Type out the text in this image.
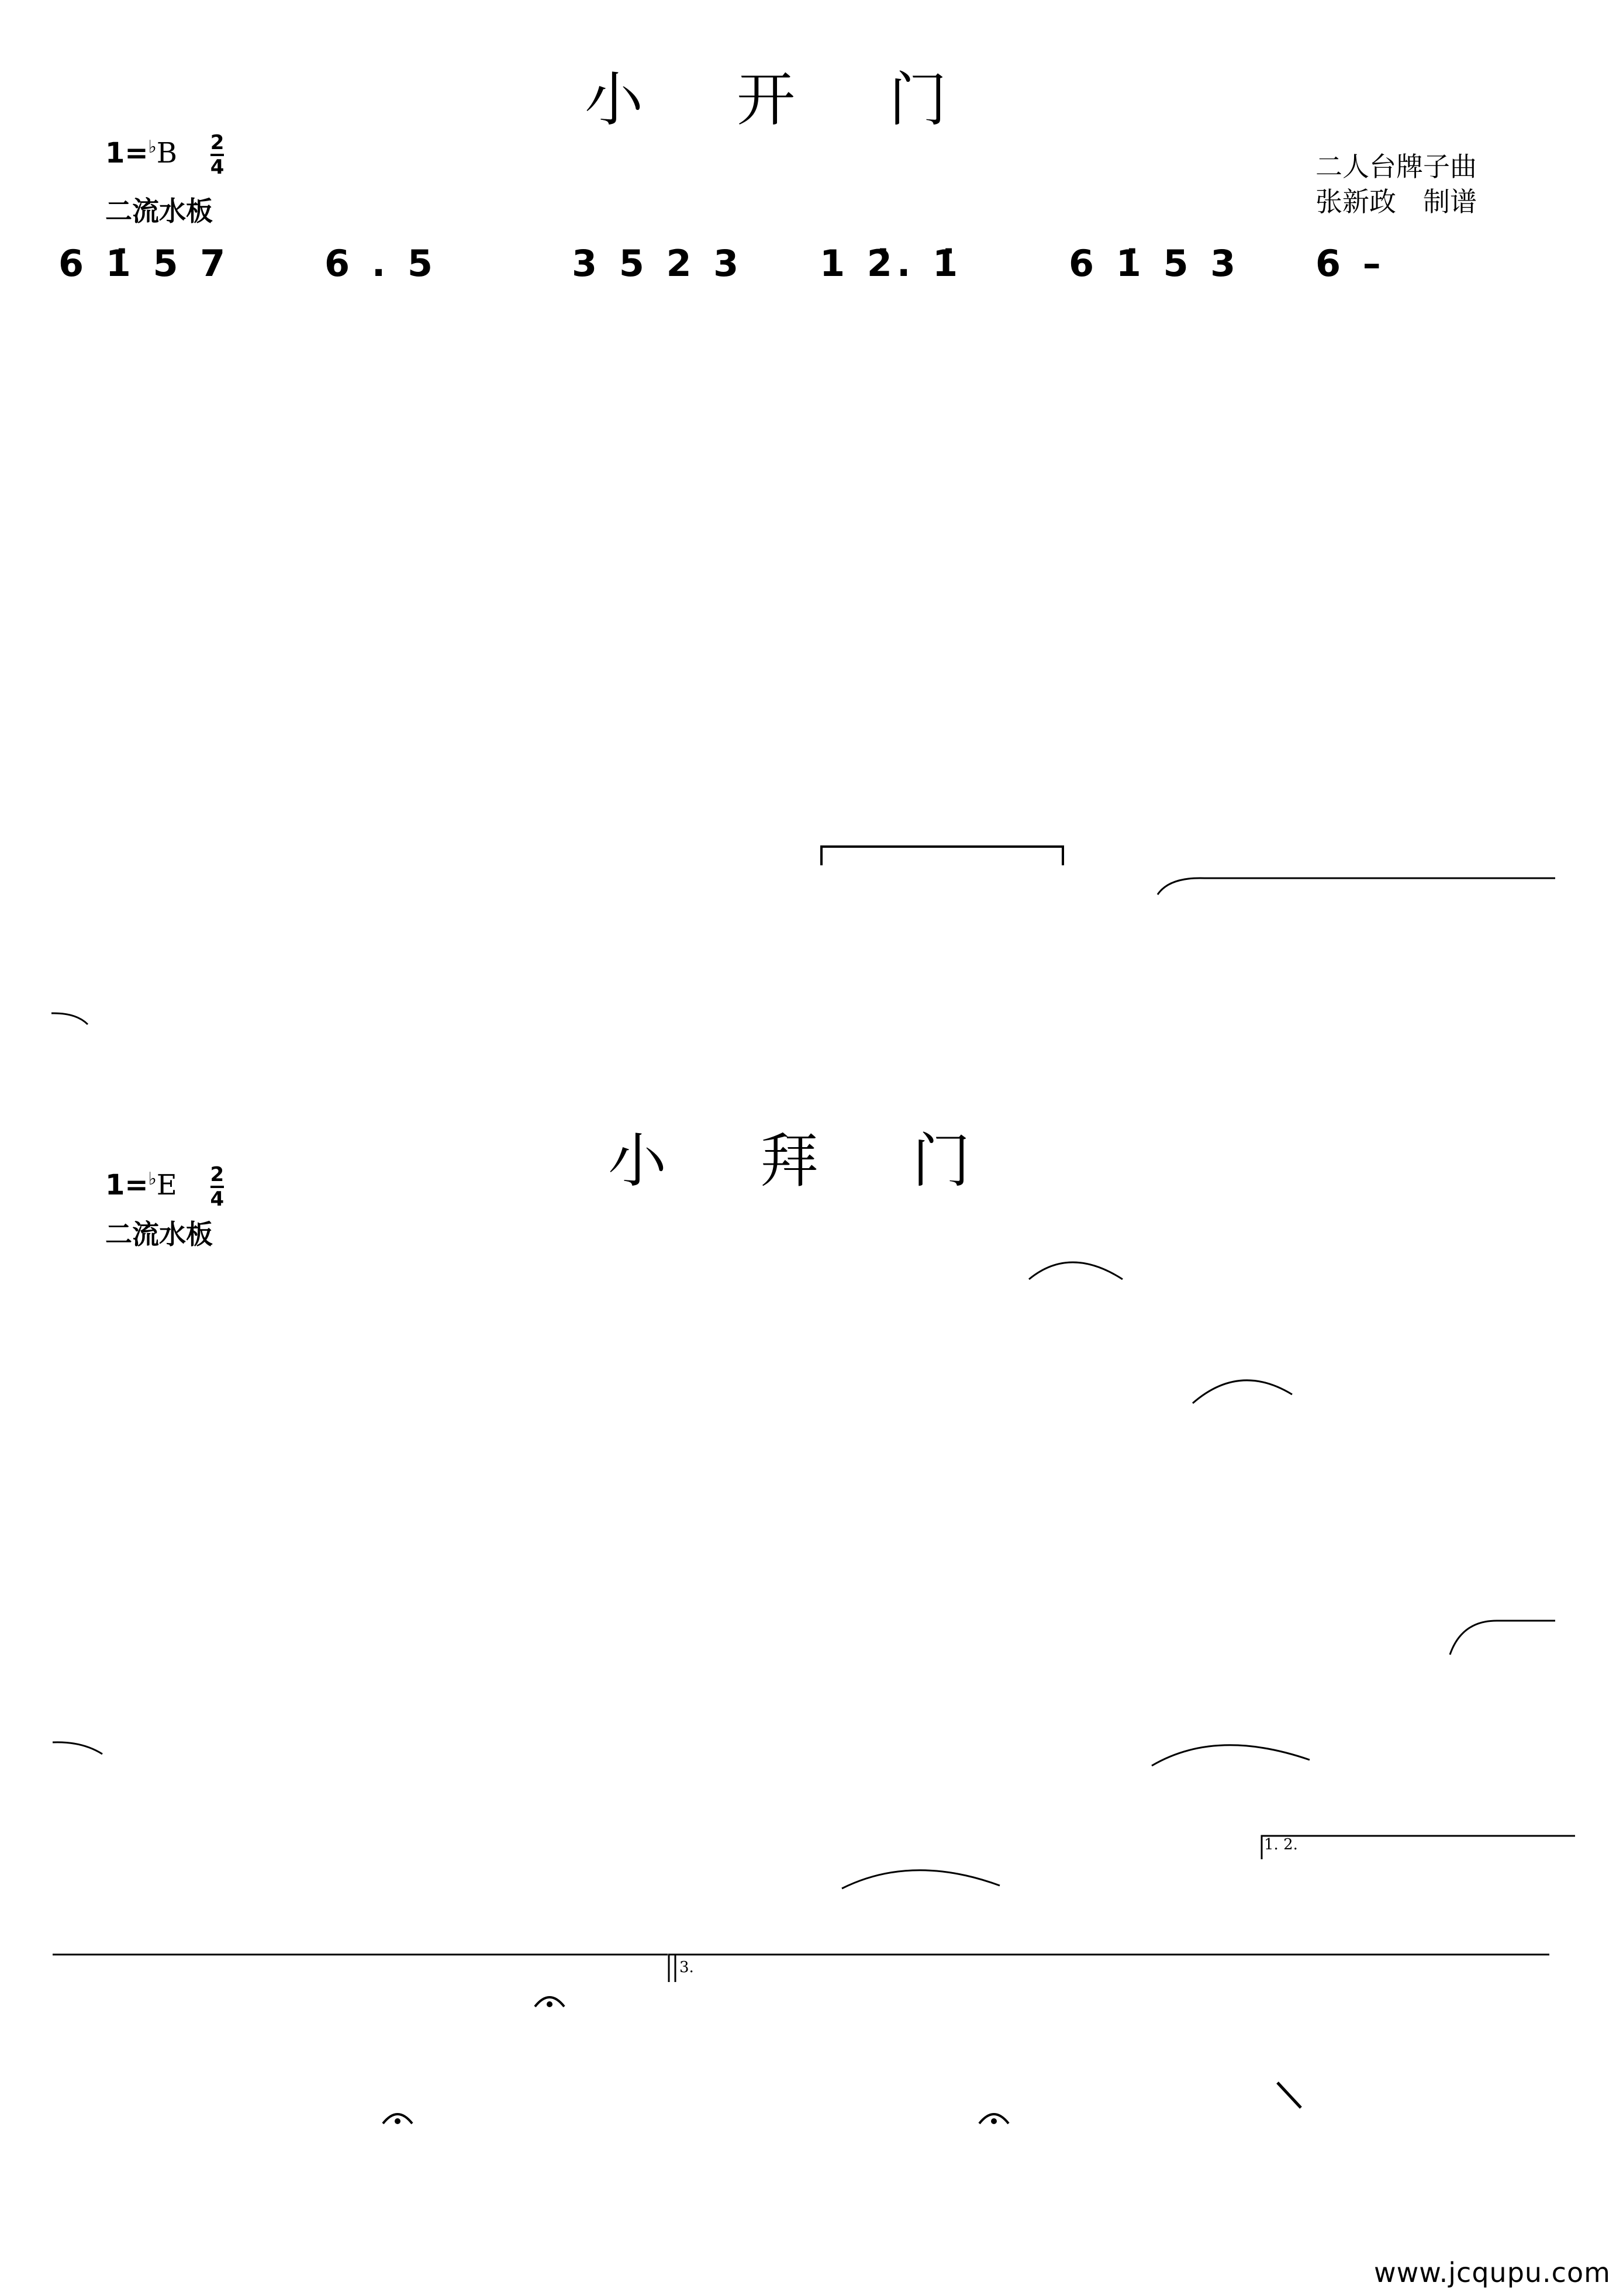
小开门
$1=^♭B \frac{2}{4}$
二流水板
二人台牌子曲
张新政　制谱
6 1̇ 5 7	6 . 5	3 5 2 3 1 2̇. 1̇	6 1̇ 5 3 6 –
小拜门
$1=^♭E \frac{2}{4}$
二流水板
1. 2.
3.
www.jcqupu.com
